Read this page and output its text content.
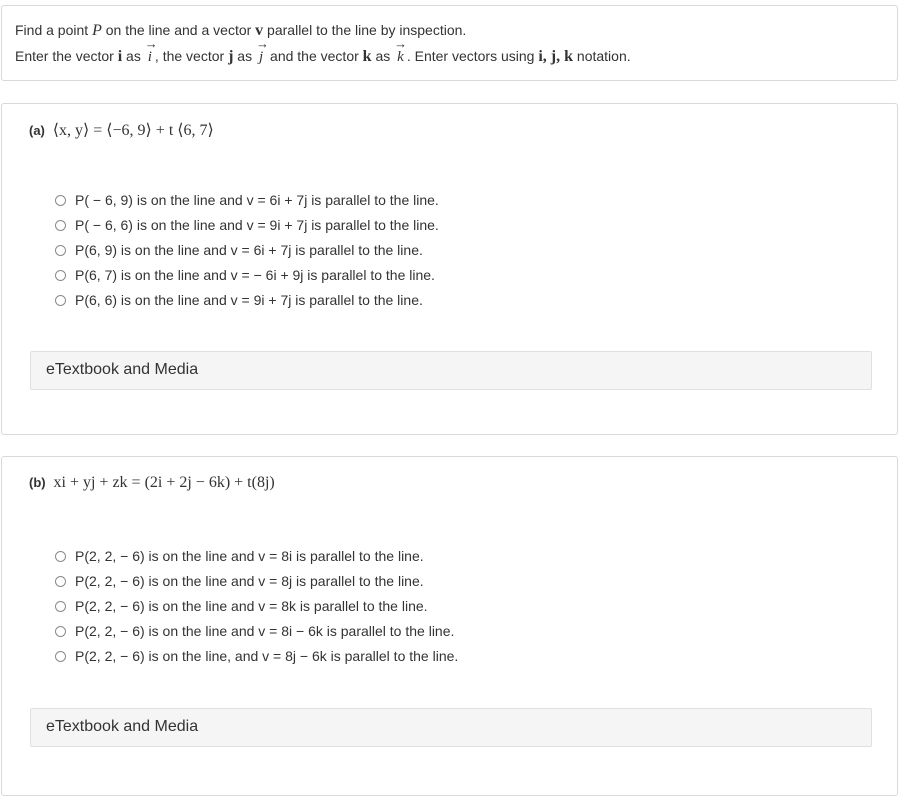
Find a point P on the line and a vector v parallel to the line by inspection.
Enter the vector i as → i , the vector j as → j and the vector k as → k . Enter vectors using i, j, k notation.
(a) ⟨x, y⟩ = ⟨−6, 9⟩ + t ⟨6, 7⟩
P( − 6, 9) is on the line and v = 6i + 7j is parallel to the line.
P( − 6, 6) is on the line and v = 9i + 7j is parallel to the line.
P(6, 9) is on the line and v = 6i + 7j is parallel to the line.
P(6, 7) is on the line and v = − 6i + 9j is parallel to the line.
P(6, 6) is on the line and v = 9i + 7j is parallel to the line.
eTextbook and Media
(b) xi + yj + zk = (2i + 2j − 6k) + t(8j)
P(2, 2, − 6) is on the line and v = 8i is parallel to the line.
P(2, 2, − 6) is on the line and v = 8j is parallel to the line.
P(2, 2, − 6) is on the line and v = 8k is parallel to the line.
P(2, 2, − 6) is on the line and v = 8i − 6k is parallel to the line.
P(2, 2, − 6) is on the line, and v = 8j − 6k is parallel to the line.
eTextbook and Media
